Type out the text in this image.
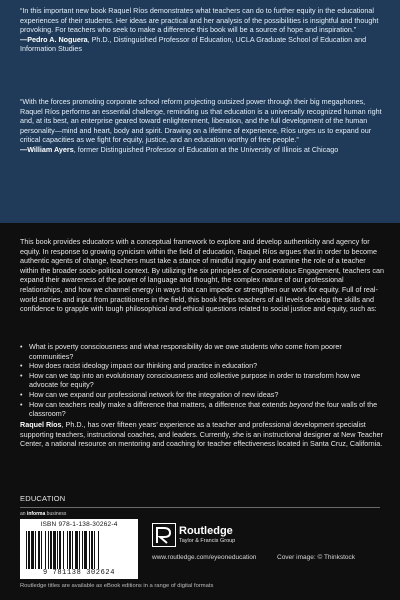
“In this important new book Raquel Ríos demonstrates what teachers can do to further equity in the educational experiences of their students. Her ideas are practical and her analysis of the possibilities is insightful and thought provoking. For teachers who seek to make a difference this book will be a source of hope and inspiration.”
—Pedro A. Noguera, Ph.D., Distinguished Professor of Education, UCLA Graduate School of Education and Information Studies
“With the forces promoting corporate school reform projecting outsized power through their big megaphones, Raquel Ríos performs an essential challenge, reminding us that education is a universally recognized human right and, at its best, an enterprise geared toward enlightenment, liberation, and the full development of the human personality—mind and heart, body and spirit. Drawing on a lifetime of experience, Ríos urges us to expand our critical capacities as we fight for equity, justice, and an education worthy of free people.”
—William Ayers, former Distinguished Professor of Education at the University of Illinois at Chicago
This book provides educators with a conceptual framework to explore and develop authenticity and agency for equity. In response to growing cynicism within the field of education, Raquel Ríos argues that in order to become authentic agents of change, teachers must take a stance of mindful inquiry and examine the role of a teacher within the broader socio-political context. By utilizing the six principles of Conscientious Engagement, teachers can expand their awareness of the power of language and thought, the complex nature of our professional relationships, and how we channel energy in ways that can impede or strengthen our work for equity. Full of real-world stories and input from practitioners in the field, this book helps teachers of all levels develop the skills and confidence to grapple with tough philosophical and ethical questions related to social justice and equity, such as:
• What is poverty consciousness and what responsibility do we owe students who come from poorer communities?
• How does racist ideology impact our thinking and practice in education?
• How can we tap into an evolutionary consciousness and collective purpose in order to transform how we advocate for equity?
• How can we expand our professional network for the integration of new ideas?
• How can teachers really make a difference that matters, a difference that extends beyond the four walls of the classroom?
Raquel Ríos, Ph.D., has over fifteen years’ experience as a teacher and professional development specialist supporting teachers, instructional coaches, and leaders. Currently, she is an instructional designer at New Teacher Center, a national resource on mentoring and coaching for teacher effectiveness located in Santa Cruz, California.
EDUCATION
an informa business
ISBN 978-1-138-30262-4
9 781138 302624
Routledge
Taylor & Francis Group
www.routledge.com/eyeoneducation	Cover image: © Thinkstock
Routledge titles are available as eBook editions in a range of digital formats
